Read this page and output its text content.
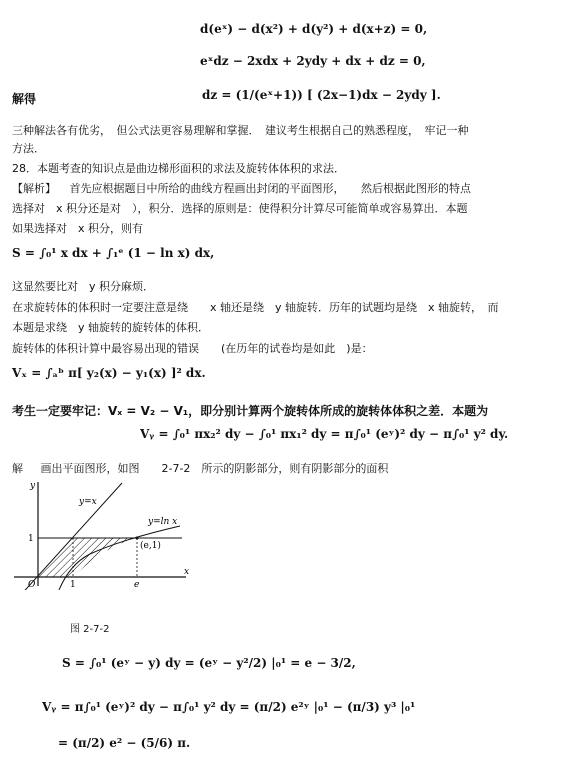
d(eˣ) − d(x²) + d(y²) + d(x+z) = 0,
eˣdz − 2xdx + 2ydy + dx + dz = 0,
解得	dz = (1/(eˣ+1)) [ (2x−1)dx − 2ydy ].
三种解法各有优劣，　但公式法更容易理解和掌握．　建议考生根据自己的熟悉程度，　牢记一种
方法．
28．本题考查的知识点是曲边梯形面积的求法及旋转体体积的求法．
【解析】 首先应根据题目中所给的曲线方程画出封闭的平面图形，　　然后根据此图形的特点
选择对　x 积分还是对　），积分．选择的原则是：使得积分计算尽可能简单或容易算出．本题
如果选择对　x 积分，则有
S = ∫₀¹ x dx + ∫₁ᵉ (1 − ln x) dx,
这显然要比对　y 积分麻烦．
在求旋转体的体积时一定要注意是绕　　x 轴还是绕　y 轴旋转．历年的试题均是绕　x 轴旋转，　而
本题是求绕　y 轴旋转的旋转体的体积．
旋转体的体积计算中最容易出现的错误　　(在历年的试卷均是如此　)是：
Vₓ = ∫ₐᵇ π[ y₂(x) − y₁(x) ]² dx.
考生一定要牢记：Vₓ = V₂ − V₁，即分别计算两个旋转体所成的旋转体体积之差．本题为
Vᵧ = ∫₀¹ πx₂² dy − ∫₀¹ πx₁² dy = π∫₀¹ (eʸ)² dy − π∫₀¹ y² dy.
解 画出平面图形，如图　　2-7-2　所示的阴影部分，则有阴影部分的面积
y=x
y=ln x
(e,1)
y
x
1
O	1	e
图 2-7-2
S = ∫₀¹ (eʸ − y) dy = (eʸ − y²/2) |₀¹ = e − 3/2,
Vᵧ = π∫₀¹ (eʸ)² dy − π∫₀¹ y² dy = (π/2) e²ʸ |₀¹ − (π/3) y³ |₀¹
= (π/2) e² − (5/6) π.
